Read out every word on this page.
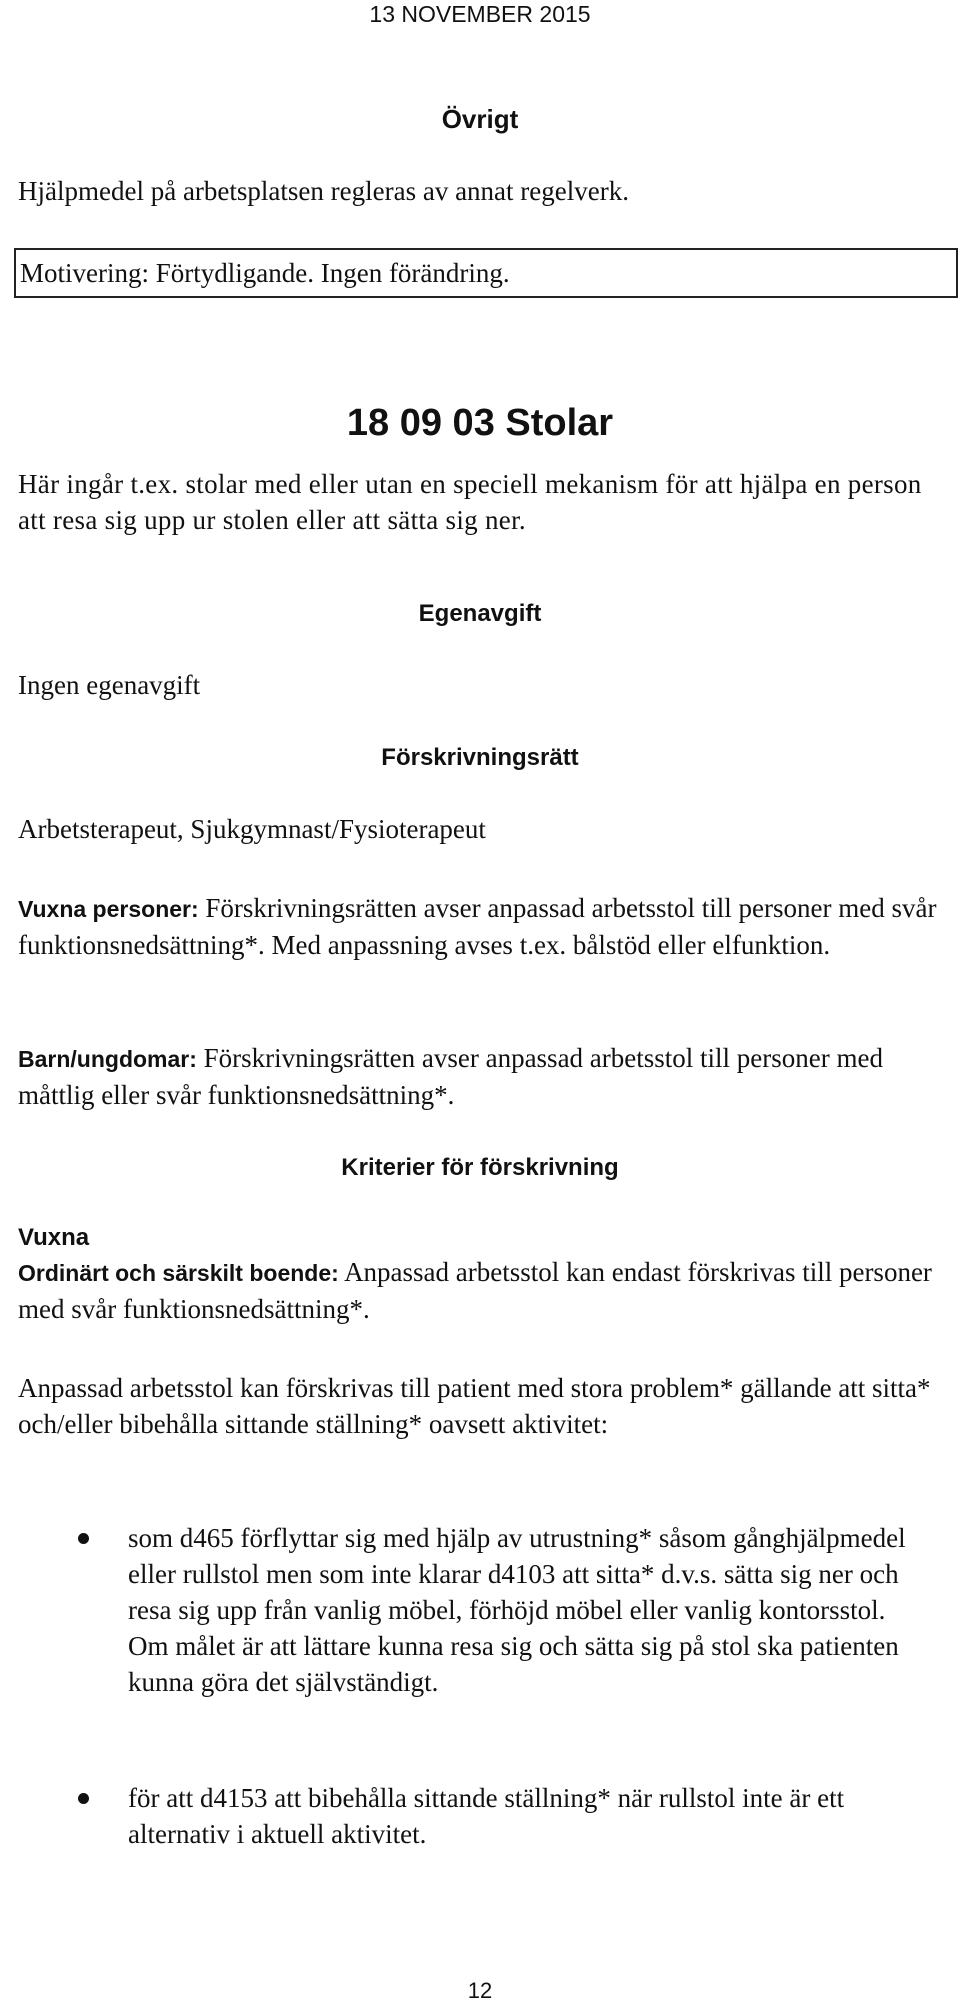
13 NOVEMBER 2015
Övrigt
Hjälpmedel på arbetsplatsen regleras av annat regelverk.
Motivering: Förtydligande. Ingen förändring.
18 09 03 Stolar
Här ingår t.ex. stolar med eller utan en speciell mekanism för att hjälpa en person att resa sig upp ur stolen eller att sätta sig ner.
Egenavgift
Ingen egenavgift
Förskrivningsrätt
Arbetsterapeut, Sjukgymnast/Fysioterapeut
Vuxna personer: Förskrivningsrätten avser anpassad arbetsstol till personer med svår funktionsnedsättning*. Med anpassning avses t.ex. bålstöd eller elfunktion.
Barn/ungdomar: Förskrivningsrätten avser anpassad arbetsstol till personer med måttlig eller svår funktionsnedsättning*.
Kriterier för förskrivning
Vuxna
Ordinärt och särskilt boende: Anpassad arbetsstol kan endast förskrivas till personer med svår funktionsnedsättning*.
Anpassad arbetsstol kan förskrivas till patient med stora problem* gällande att sitta* och/eller bibehålla sittande ställning* oavsett aktivitet:
som d465 förflyttar sig med hjälp av utrustning* såsom gånghjälpmedel eller rullstol men som inte klarar d4103 att sitta* d.v.s. sätta sig ner och resa sig upp från vanlig möbel, förhöjd möbel eller vanlig kontorsstol.
Om målet är att lättare kunna resa sig och sätta sig på stol ska patienten kunna göra det självständigt.
för att d4153 att bibehålla sittande ställning* när rullstol inte är ett alternativ i aktuell aktivitet.
12
